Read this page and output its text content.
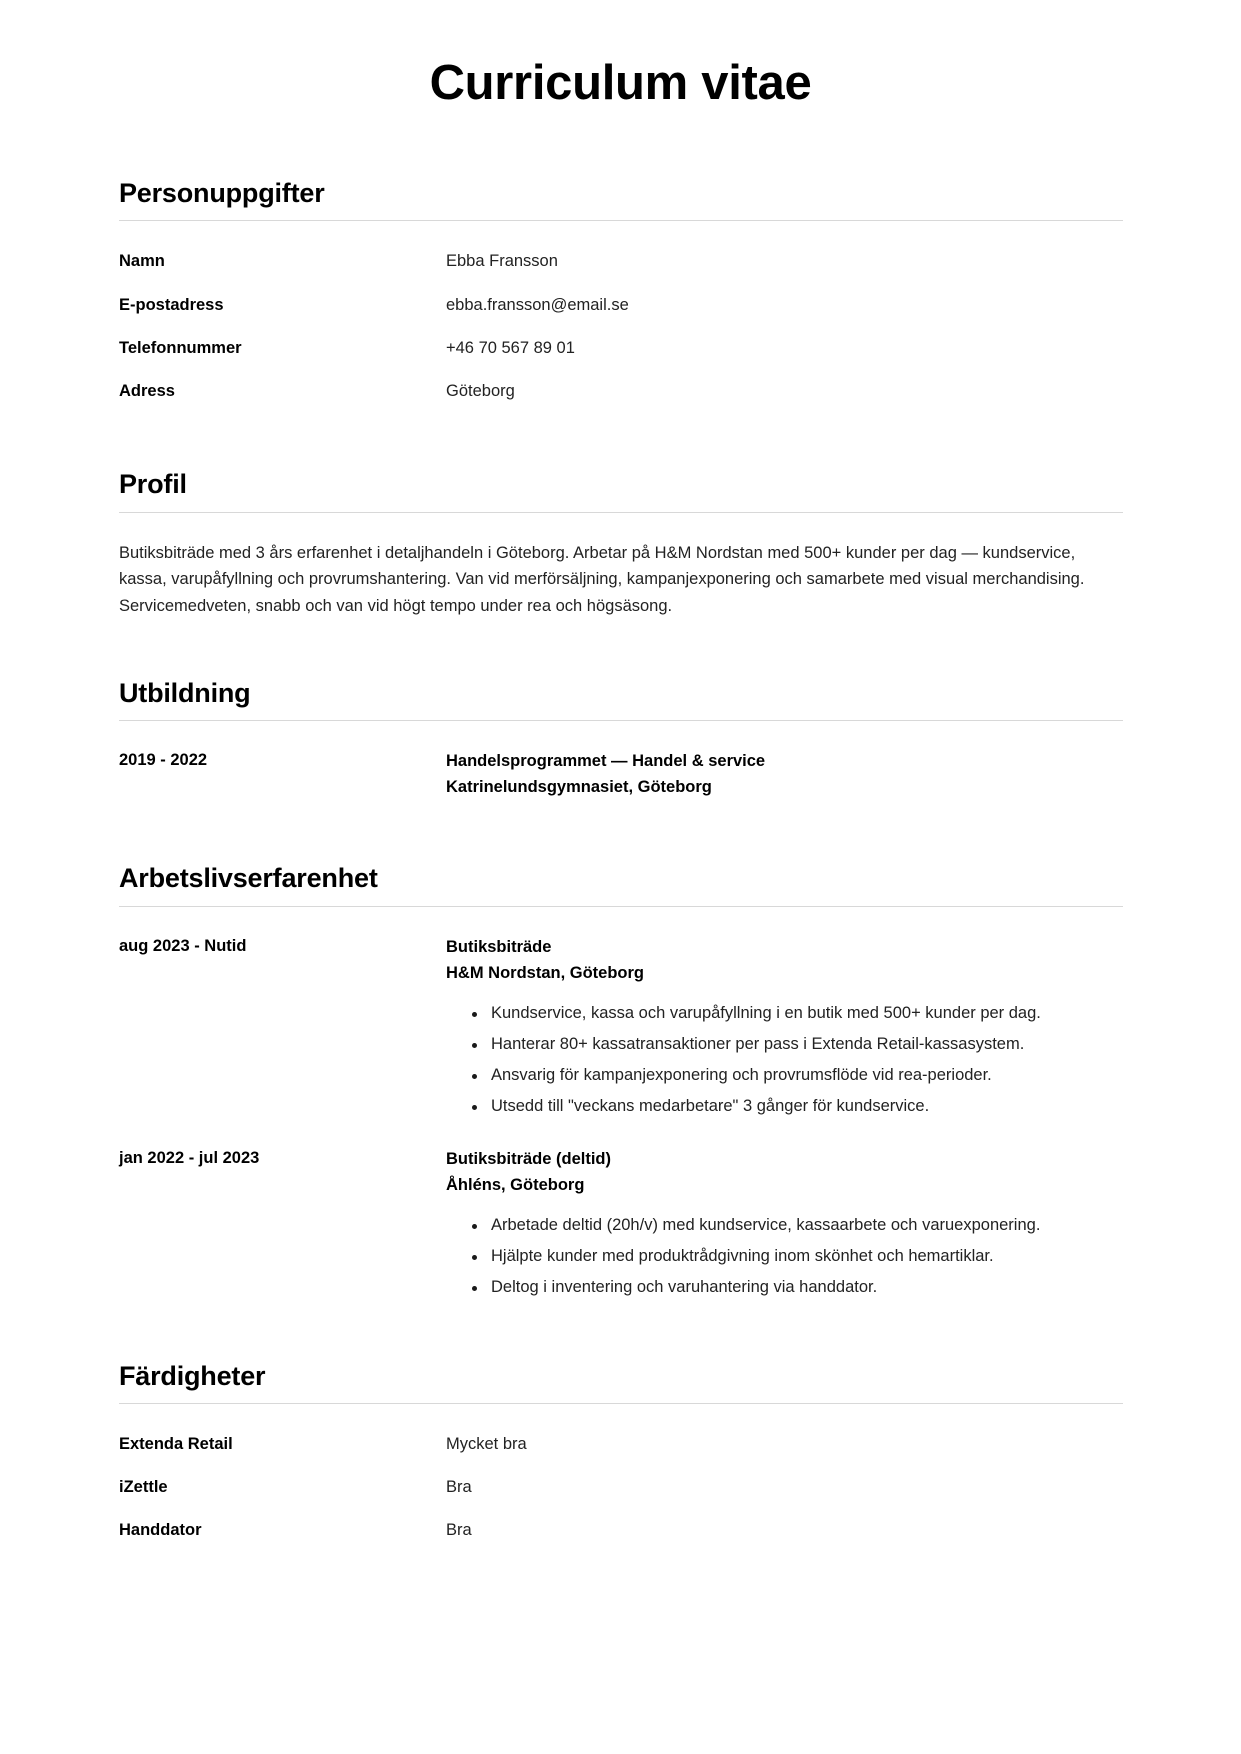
Curriculum vitae
Personuppgifter
Namn	Ebba Fransson
E-postadress	ebba.fransson@email.se
Telefonnummer	+46 70 567 89 01
Adress	Göteborg
Profil

Butiksbiträde med 3 års erfarenhet i detaljhandeln i Göteborg. Arbetar på H&M Nordstan med 500+ kunder per dag — kundservice, kassa, varupåfyllning och provrumshantering. Van vid merförsäljning, kampanjexponering och samarbete med visual merchandising. Servicemedveten, snabb och van vid högt tempo under rea och högsäsong.

Utbildning
2019 - 2022	Handelsprogrammet — Handel & service
Katrinelundsgymnasiet, Göteborg
Arbetslivserfarenhet
aug 2023 - Nutid	Butiksbiträde
H&M Nordstan, Göteborg
Kundservice, kassa och varupåfyllning i en butik med 500+ kunder per dag.
Hanterar 80+ kassatransaktioner per pass i Extenda Retail-kassasystem.
Ansvarig för kampanjexponering och provrumsflöde vid rea-perioder.
Utsedd till "veckans medarbetare" 3 gånger för kundservice.
jan 2022 - jul 2023	Butiksbiträde (deltid)
Åhléns, Göteborg
Arbetade deltid (20h/v) med kundservice, kassaarbete och varuexponering.
Hjälpte kunder med produktrådgivning inom skönhet och hemartiklar.
Deltog i inventering och varuhantering via handdator.
Färdigheter
Extenda Retail	Mycket bra
iZettle	Bra
Handdator	Bra
